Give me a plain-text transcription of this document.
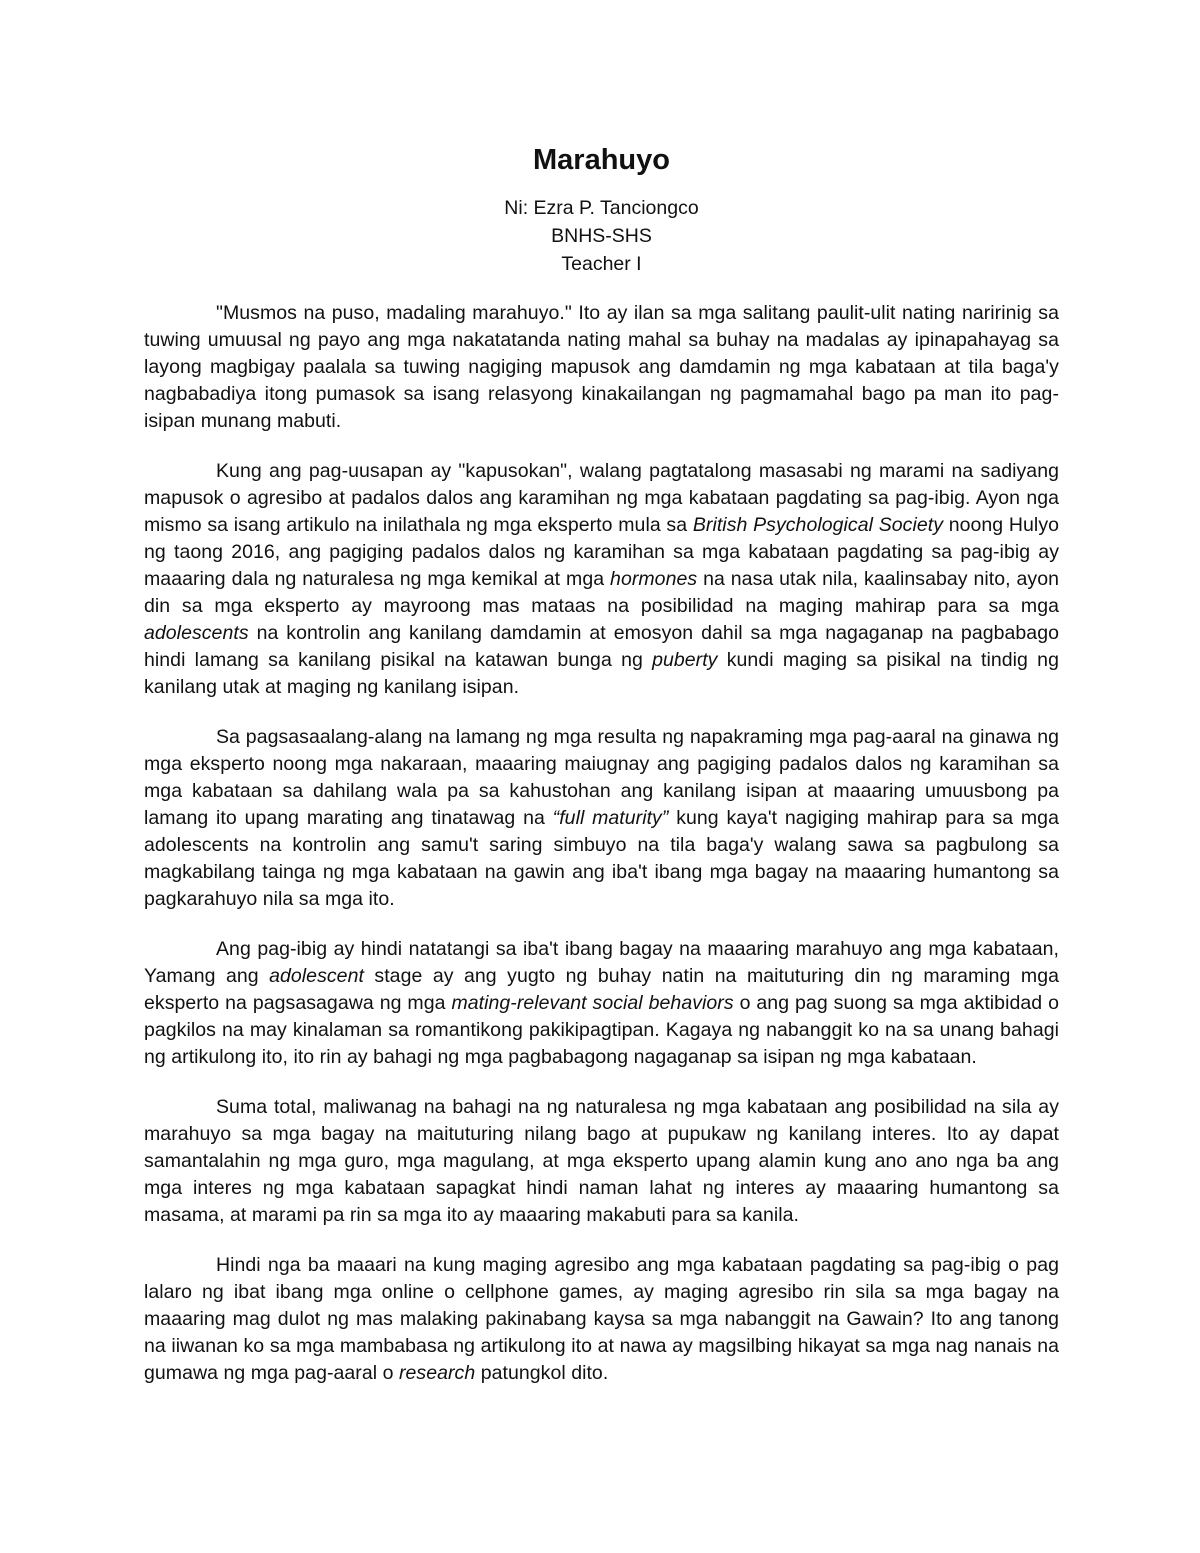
Marahuyo
Ni: Ezra P. Tanciongco
BNHS-SHS
Teacher I

"Musmos na puso, madaling marahuyo." Ito ay ilan sa mga salitang paulit-ulit nating naririnig sa tuwing umuusal ng payo ang mga nakatatanda nating mahal sa buhay na madalas ay ipinapahayag sa layong magbigay paalala sa tuwing nagiging mapusok ang damdamin ng mga kabataan at tila baga'y nagbabadiya itong pumasok sa isang relasyong kinakailangan ng pagmamahal bago pa man ito pag-isipan munang mabuti.

Kung ang pag-uusapan ay "kapusokan", walang pagtatalong masasabi ng marami na sadiyang mapusok o agresibo at padalos dalos ang karamihan ng mga kabataan pagdating sa pag-ibig. Ayon nga mismo sa isang artikulo na inilathala ng mga eksperto mula sa British Psychological Society noong Hulyo ng taong 2016, ang pagiging padalos dalos ng karamihan sa mga kabataan pagdating sa pag-ibig ay maaaring dala ng naturalesa ng mga kemikal at mga hormones na nasa utak nila, kaalinsabay nito, ayon din sa mga eksperto ay mayroong mas mataas na posibilidad na maging mahirap para sa mga adolescents na kontrolin ang kanilang damdamin at emosyon dahil sa mga nagaganap na pagbabago hindi lamang sa kanilang pisikal na katawan bunga ng puberty kundi maging sa pisikal na tindig ng kanilang utak at maging ng kanilang isipan.

Sa pagsasaalang-alang na lamang ng mga resulta ng napakraming mga pag-aaral na ginawa ng mga eksperto noong mga nakaraan, maaaring maiugnay ang pagiging padalos dalos ng karamihan sa mga kabataan sa dahilang wala pa sa kahustohan ang kanilang isipan at maaaring umuusbong pa lamang ito upang marating ang tinatawag na “full maturity” kung kaya't nagiging mahirap para sa mga adolescents na kontrolin ang samu't saring simbuyo na tila baga'y walang sawa sa pagbulong sa magkabilang tainga ng mga kabataan na gawin ang iba't ibang mga bagay na maaaring humantong sa pagkarahuyo nila sa mga ito.

Ang pag-ibig ay hindi natatangi sa iba't ibang bagay na maaaring marahuyo ang mga kabataan, Yamang ang adolescent stage ay ang yugto ng buhay natin na maituturing din ng maraming mga eksperto na pagsasagawa ng mga mating-relevant social behaviors o ang pag suong sa mga aktibidad o pagkilos na may kinalaman sa romantikong pakikipagtipan. Kagaya ng nabanggit ko na sa unang bahagi ng artikulong ito, ito rin ay bahagi ng mga pagbabagong nagaganap sa isipan ng mga kabataan.

Suma total, maliwanag na bahagi na ng naturalesa ng mga kabataan ang posibilidad na sila ay marahuyo sa mga bagay na maituturing nilang bago at pupukaw ng kanilang interes. Ito ay dapat samantalahin ng mga guro, mga magulang, at mga eksperto upang alamin kung ano ano nga ba ang mga interes ng mga kabataan sapagkat hindi naman lahat ng interes ay maaaring humantong sa masama, at marami pa rin sa mga ito ay maaaring makabuti para sa kanila.

Hindi nga ba maaari na kung maging agresibo ang mga kabataan pagdating sa pag-ibig o pag lalaro ng ibat ibang mga online o cellphone games, ay maging agresibo rin sila sa mga bagay na maaaring mag dulot ng mas malaking pakinabang kaysa sa mga nabanggit na Gawain? Ito ang tanong na iiwanan ko sa mga mambabasa ng artikulong ito at nawa ay magsilbing hikayat sa mga nag nanais na gumawa ng mga pag-aaral o research patungkol dito.
